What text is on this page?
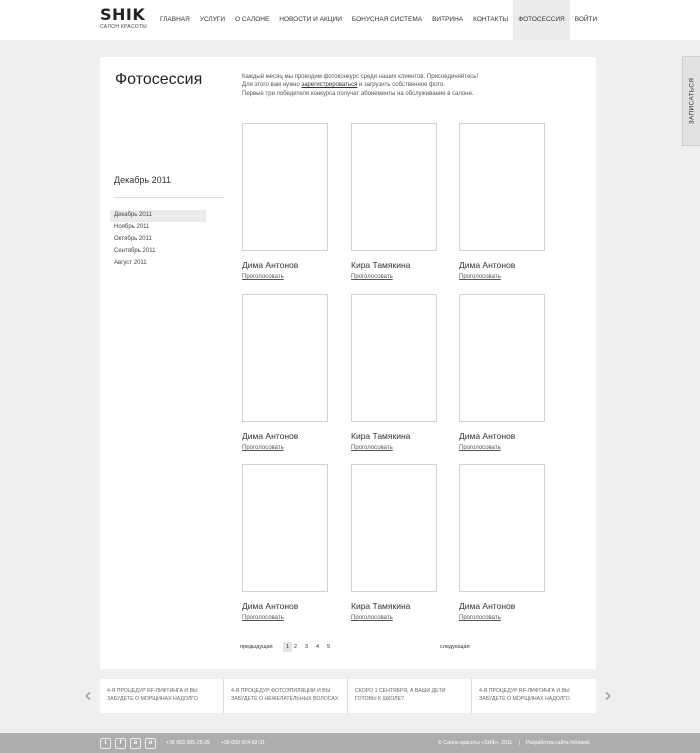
SHIK
САЛОН КРАСОТЫ
ГЛАВНАЯ	УСЛУГИ	О САЛОНЕ	НОВОСТИ И АКЦИИ	БОНУСНАЯ СИСТЕМА	ВИТРИНА	КОНТАКТЫ	ФОТОСЕССИЯ	ВОЙТИ
ЗАПИСАТЬСЯ
Фотосессия	Каждый месяц мы проводим фотоконкурс среди наших клиентов. Присоединяйтесь!
Для этого вам нужно зарегистрироваться и загрузить собственное фото.
Первые три победителя конкурса получат абонементы на обслуживание в салоне.
Декабрь 2011
Декабрь 2011
Ноябрь 2011
Октябрь 2011
Сентябрь 2011
Август 2011
предыдущая	следующая
1 2 3 4 5
Дима Антонов
Проголосовать
Кира Тамякина
Проголосовать
Дима Антонов
Проголосовать
Дима Антонов
Проголосовать
Кира Тамякина
Проголосовать
Дима Антонов
Проголосовать
Дима Антонов
Проголосовать
Кира Тамякина
Проголосовать
Дима Антонов
Проголосовать
‹	4-Я ПРОЦЕДУР RF-ЛИФТИНГА И ВЫ
ЗАБУДЕТЕ О МОРЩИНАХ НАДОЛГО
4-Я ПРОЦЕДУР ФОТОЭПИЛЯЦИИ И ВЫ
ЗАБУДЕТЕ О НЕЖЕЛАТЕЛЬНЫХ ВОЛОСАХ
СКОРО 1 СЕНТЯБРЯ, А ВАШИ ДЕТИ
ГОТОВЫ К ШКОЛЕ?
4-Я ПРОЦЕДУР RF-ЛИФТИНГА И ВЫ
ЗАБУДЕТЕ О МОРЩИНАХ НАДОЛГО	›
+38 063 385-25-25 +38 050 004-92-31	© Салон красоты «SHIk», 2011 | Разработка сайта Intraweb
t	f	в	о
